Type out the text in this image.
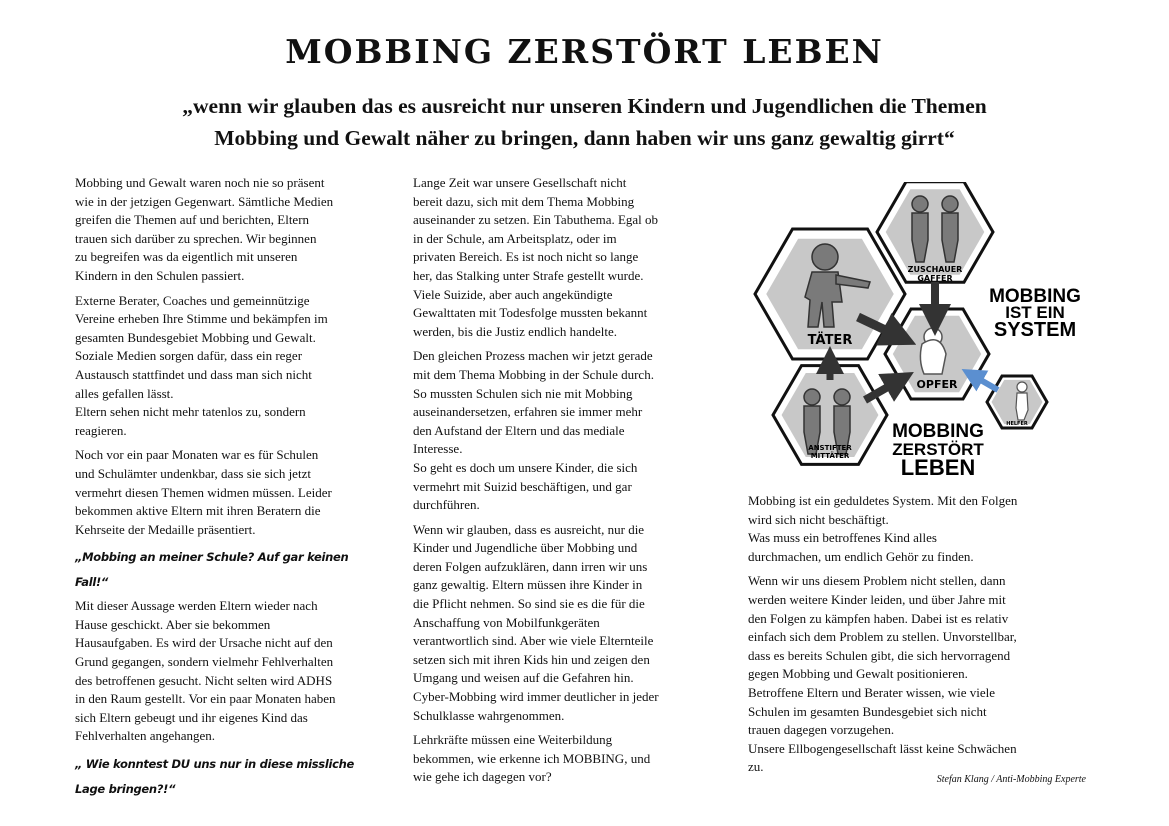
MOBBING ZERSTÖRT LEBEN
„wenn wir glauben das es ausreicht nur unseren Kindern und Jugendlichen die Themen
Mobbing und Gewalt näher zu bringen, dann haben wir uns ganz gewaltig girrt“
Mobbing und Gewalt waren noch nie so präsent
wie in der jetzigen Gegenwart. Sämtliche Medien
greifen die Themen auf und berichten, Eltern
trauen sich darüber zu sprechen. Wir beginnen
zu begreifen was da eigentlich mit unseren
Kindern in den Schulen passiert.
Externe Berater, Coaches und gemeinnützige
Vereine erheben Ihre Stimme und bekämpfen im
gesamten Bundesgebiet Mobbing und Gewalt.
Soziale Medien sorgen dafür, dass ein reger
Austausch stattfindet und dass man sich nicht
alles gefallen lässt.
Eltern sehen nicht mehr tatenlos zu, sondern
reagieren.
Noch vor ein paar Monaten war es für Schulen
und Schulämter undenkbar, dass sie sich jetzt
vermehrt diesen Themen widmen müssen. Leider
bekommen aktive Eltern mit ihren Beratern die
Kehrseite der Medaille präsentiert.
„Mobbing an meiner Schule? Auf gar keinen
Fall!“
Mit dieser Aussage werden Eltern wieder nach
Hause geschickt. Aber sie bekommen
Hausaufgaben. Es wird der Ursache nicht auf den
Grund gegangen, sondern vielmehr Fehlverhalten
des betroffenen gesucht. Nicht selten wird ADHS
in den Raum gestellt. Vor ein paar Monaten haben
sich Eltern gebeugt und ihr eigenes Kind das
Fehlverhalten angehangen.
„ Wie konntest DU uns nur in diese missliche
Lage bringen?!“
Lange Zeit war unsere Gesellschaft nicht
bereit dazu, sich mit dem Thema Mobbing
auseinander zu setzen. Ein Tabuthema. Egal ob
in der Schule, am Arbeitsplatz, oder im
privaten Bereich. Es ist noch nicht so lange
her, das Stalking unter Strafe gestellt wurde.
Viele Suizide, aber auch angekündigte
Gewalttaten mit Todesfolge mussten bekannt
werden, bis die Justiz endlich handelte.
Den gleichen Prozess machen wir jetzt gerade
mit dem Thema Mobbing in der Schule durch.
So mussten Schulen sich nie mit Mobbing
auseinandersetzen, erfahren sie immer mehr
den Aufstand der Eltern und das mediale
Interesse.
So geht es doch um unsere Kinder, die sich
vermehrt mit Suizid beschäftigen, und gar
durchführen.
Wenn wir glauben, dass es ausreicht, nur die
Kinder und Jugendliche über Mobbing und
deren Folgen aufzuklären, dann irren wir uns
ganz gewaltig. Eltern müssen ihre Kinder in
die Pflicht nehmen. So sind sie es die für die
Anschaffung von Mobilfunkgeräten
verantwortlich sind. Aber wie viele Elternteile
setzen sich mit ihren Kids hin und zeigen den
Umgang und weisen auf die Gefahren hin.
Cyber-Mobbing wird immer deutlicher in jeder
Schulklasse wahrgenommen.
Lehrkräfte müssen eine Weiterbildung
bekommen, wie erkenne ich MOBBING, und
wie gehe ich dagegen vor?
Mobbing ist ein geduldetes System. Mit den Folgen
wird sich nicht beschäftigt.
Was muss ein betroffenes Kind alles
durchmachen, um endlich Gehör zu finden.
Wenn wir uns diesem Problem nicht stellen, dann
werden weitere Kinder leiden, und über Jahre mit
den Folgen zu kämpfen haben. Dabei ist es relativ
einfach sich dem Problem zu stellen. Unvorstellbar,
dass es bereits Schulen gibt, die sich hervorragend
gegen Mobbing und Gewalt positionieren.
Betroffene Eltern und Berater wissen, wie viele
Schulen im gesamten Bundesgebiet sich nicht
trauen dagegen vorzugehen.
Unsere Ellbogengesellschaft lässt keine Schwächen
zu.
Stefan Klang / Anti-Mobbing Experte
TÄTER
ZUSCHAUER
GAFFER
OPFER
ANSTIFTER
MITTÄTER
HELFER
MOBBING
IST EIN
SYSTEM
MOBBING
ZERSTÖRT
LEBEN
